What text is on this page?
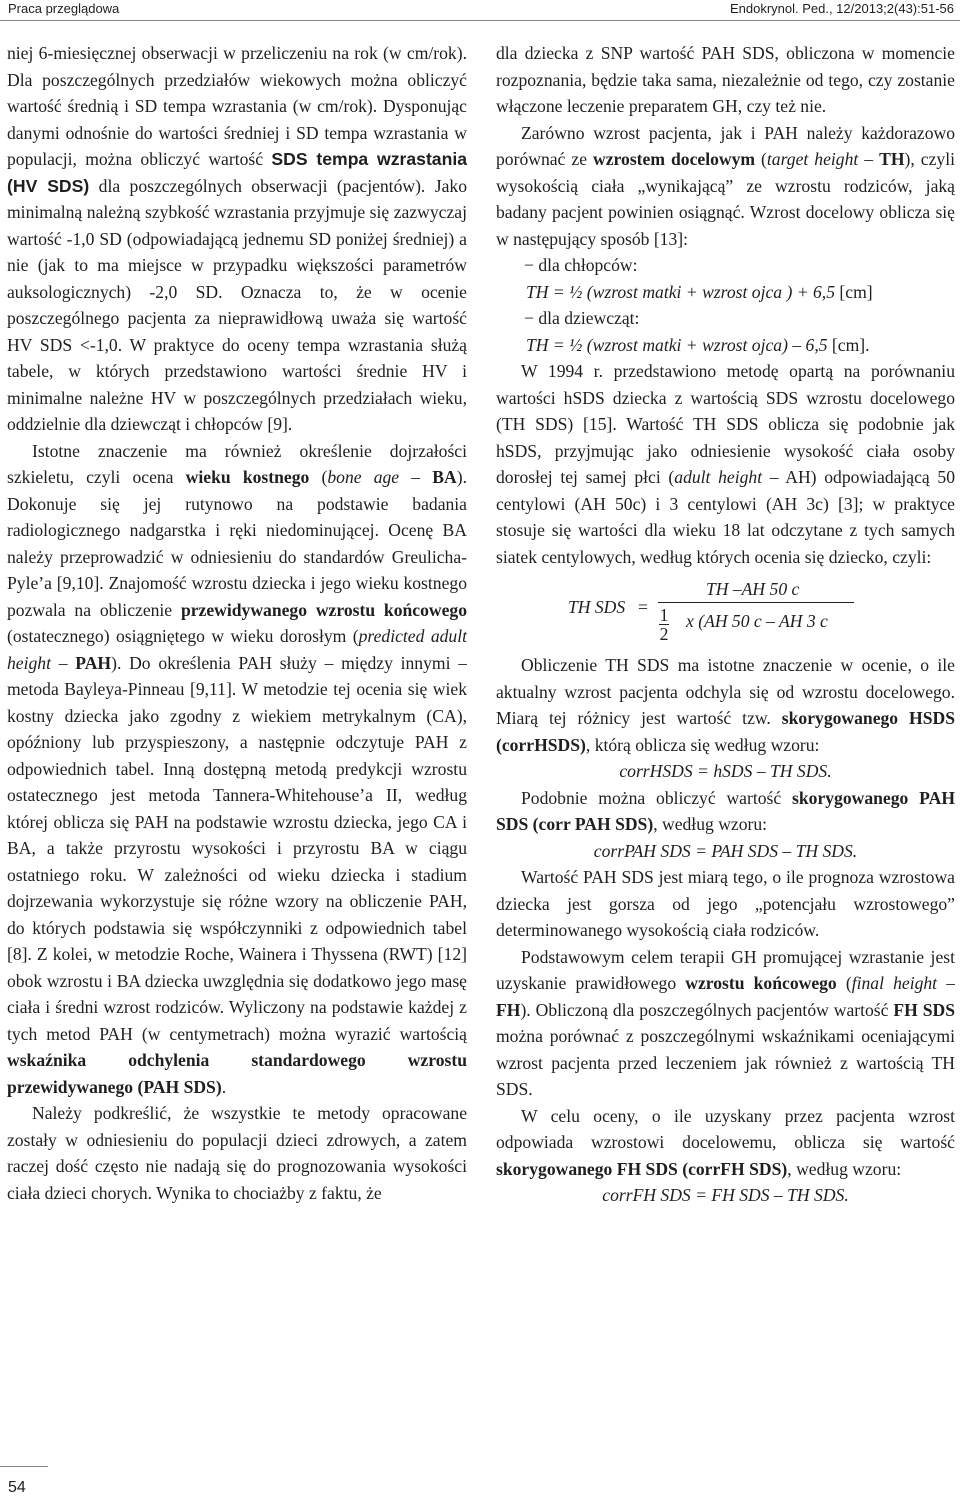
Praca przeglądowa	Endokrynol. Ped., 12/2013;2(43):51-56

niej 6-miesięcznej obserwacji w przeliczeniu na rok (w cm/rok). Dla poszczególnych przedziałów wiekowych można obliczyć wartość średnią i SD tempa wzrastania (w cm/rok). Dysponując danymi odnośnie do wartości średniej i SD tempa wzrastania w populacji, można obliczyć wartość SDS tempa wzrastania (HV SDS) dla poszczególnych obserwacji (pacjentów). Jako minimalną należną szybkość wzrastania przyjmuje się zazwyczaj wartość -1,0 SD (odpowiadającą jednemu SD poniżej średniej) a nie (jak to ma miejsce w przypadku większości parametrów auksologicznych) -2,0 SD. Oznacza to, że w ocenie poszczególnego pacjenta za nieprawidłową uważa się wartość HV SDS <-1,0. W praktyce do oceny tempa wzrastania służą tabele, w których przedstawiono wartości średnie HV i minimalne należne HV w poszczególnych przedziałach wieku, oddzielnie dla dziewcząt i chłopców [9].

Istotne znaczenie ma również określenie dojrzałości szkieletu, czyli ocena wieku kostnego (bone age – BA). Dokonuje się jej rutynowo na podstawie badania radiologicznego nadgarstka i ręki niedominującej. Ocenę BA należy przeprowadzić w odniesieniu do standardów Greulicha-Pyle’a [9,10]. Znajomość wzrostu dziecka i jego wieku kostnego pozwala na obliczenie przewidywanego wzrostu końcowego (ostatecznego) osiągniętego w wieku dorosłym (predicted adult height – PAH). Do określenia PAH służy – między innymi – metoda Bayleya-Pinneau [9,11]. W metodzie tej ocenia się wiek kostny dziecka jako zgodny z wiekiem metrykalnym (CA), opóźniony lub przyspieszony, a następnie odczytuje PAH z odpowiednich tabel. Inną dostępną metodą predykcji wzrostu ostatecznego jest metoda Tannera-Whitehouse’a II, według której oblicza się PAH na podstawie wzrostu dziecka, jego CA i BA, a także przyrostu wysokości i przyrostu BA w ciągu ostatniego roku. W zależności od wieku dziecka i stadium dojrzewania wykorzystuje się różne wzory na obliczenie PAH, do których podstawia się współczynniki z odpowiednich tabel [8]. Z kolei, w metodzie Roche, Wainera i Thyssena (RWT) [12] obok wzrostu i BA dziecka uwzględnia się dodatkowo jego masę ciała i średni wzrost rodziców. Wyliczony na podstawie każdej z tych metod PAH (w centymetrach) można wyrazić wartością wskaźnika odchylenia standardowego wzrostu przewidywanego (PAH SDS).

Należy podkreślić, że wszystkie te metody opracowane zostały w odniesieniu do populacji dzieci zdrowych, a zatem raczej dość często nie nadają się do prognozowania wysokości ciała dzieci chorych. Wynika to chociażby z faktu, że

dla dziecka z SNP wartość PAH SDS, obliczona w momencie rozpoznania, będzie taka sama, niezależnie od tego, czy zostanie włączone leczenie preparatem GH, czy też nie.

Zarówno wzrost pacjenta, jak i PAH należy każdorazowo porównać ze wzrostem docelowym (target height – TH), czyli wysokością ciała „wynikającą” ze wzrostu rodziców, jaką badany pacjent powinien osiągnąć. Wzrost docelowy oblicza się w następujący sposób [13]:

− dla chłopców:
TH = ½ (wzrost matki + wzrost ojca ) + 6,5 [cm]

− dla dziewcząt:
TH = ½ (wzrost matki + wzrost ojca) – 6,5 [cm].

W 1994 r. przedstawiono metodę opartą na porównaniu wartości hSDS dziecka z wartością SDS wzrostu docelowego (TH SDS) [15]. Wartość TH SDS oblicza się podobnie jak hSDS, przyjmując jako odniesienie wysokość ciała osoby dorosłej tej samej płci (adult height – AH) odpowiadającą 50 centylowi (AH 50c) i 3 centylowi (AH 3c) [3]; w praktyce stosuje się wartości dla wieku 18 lat odczytane z tych samych siatek centylowych, według których ocenia się dziecko, czyli:

TH SDS =
TH –AH 50 c
1
2
x (AH 50 c – AH 3 c

Obliczenie TH SDS ma istotne znaczenie w ocenie, o ile aktualny wzrost pacjenta odchyla się od wzrostu docelowego. Miarą tej różnicy jest wartość tzw. skorygowanego HSDS (corrHSDS), którą oblicza się według wzoru:

corrHSDS = hSDS – TH SDS.

Podobnie można obliczyć wartość skorygowanego PAH SDS (corr PAH SDS), według wzoru:

corrPAH SDS = PAH SDS – TH SDS.

Wartość PAH SDS jest miarą tego, o ile prognoza wzrostowa dziecka jest gorsza od jego „potencjału wzrostowego” determinowanego wysokością ciała rodziców.

Podstawowym celem terapii GH promującej wzrastanie jest uzyskanie prawidłowego wzrostu końcowego (final height – FH). Obliczoną dla poszczególnych pacjentów wartość FH SDS można porównać z poszczególnymi wskaźnikami oceniającymi wzrost pacjenta przed leczeniem jak również z wartością TH SDS.

W celu oceny, o ile uzyskany przez pacjenta wzrost odpowiada wzrostowi docelowemu, oblicza się wartość skorygowanego FH SDS (corrFH SDS), według wzoru:

corrFH SDS = FH SDS – TH SDS.

54
